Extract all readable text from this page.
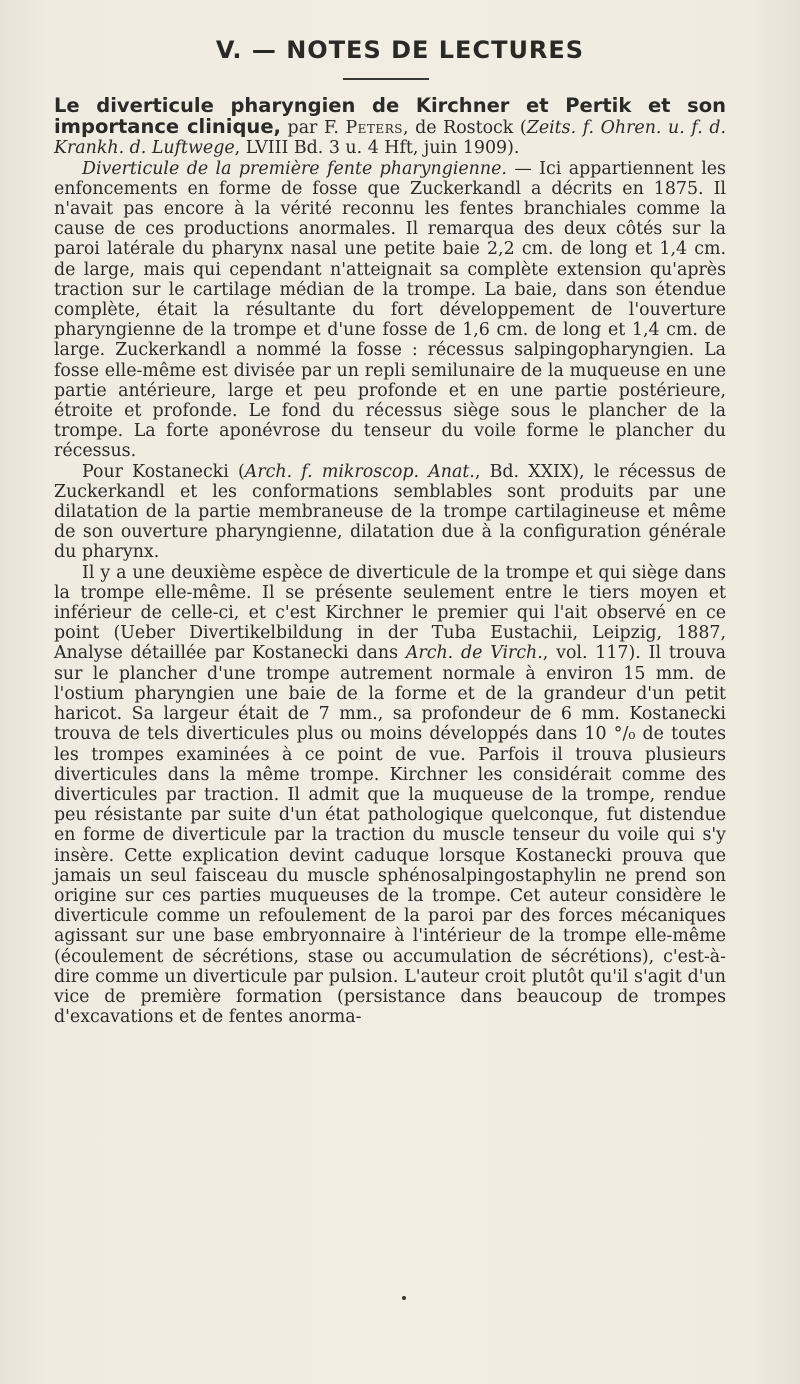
V. — NOTES DE LECTURES

Le diverticule pharyngien de Kirchner et Pertik et son importance clinique, par F. Peters, de Rostock (Zeits. f. Ohren. u. f. d. Krankh. d. Luftwege, LVIII Bd. 3 u. 4 Hft, juin 1909).

Diverticule de la première fente pharyngienne. — Ici appartiennent les enfoncements en forme de fosse que Zuckerkandl a décrits en 1875. Il n'avait pas encore à la vérité reconnu les fentes branchiales comme la cause de ces productions anormales. Il remarqua des deux côtés sur la paroi latérale du pharynx nasal une petite baie 2,2 cm. de long et 1,4 cm. de large, mais qui cependant n'atteignait sa complète extension qu'après traction sur le cartilage médian de la trompe. La baie, dans son étendue complète, était la résultante du fort développement de l'ouverture pharyngienne de la trompe et d'une fosse de 1,6 cm. de long et 1,4 cm. de large. Zuckerkandl a nommé la fosse : récessus salpingopharyngien. La fosse elle-même est divisée par un repli semilunaire de la muqueuse en une partie antérieure, large et peu profonde et en une partie postérieure, étroite et profonde. Le fond du récessus siège sous le plancher de la trompe. La forte aponévrose du tenseur du voile forme le plancher du récessus.

Pour Kostanecki (Arch. f. mikroscop. Anat., Bd. XXIX), le récessus de Zuckerkandl et les conformations semblables sont produits par une dilatation de la partie membraneuse de la trompe cartilagineuse et même de son ouverture pharyngienne, dilatation due à la configuration générale du pharynx.

Il y a une deuxième espèce de diverticule de la trompe et qui siège dans la trompe elle-même. Il se présente seulement entre le tiers moyen et inférieur de celle-ci, et c'est Kirchner le premier qui l'ait observé en ce point (Ueber Divertikelbildung in der Tuba Eustachii, Leipzig, 1887, Analyse détaillée par Kostanecki dans Arch. de Virch., vol. 117). Il trouva sur le plancher d'une trompe autrement normale à environ 15 mm. de l'ostium pharyngien une baie de la forme et de la grandeur d'un petit haricot. Sa largeur était de 7 mm., sa profondeur de 6 mm. Kostanecki trouva de tels diverticules plus ou moins développés dans 10 °/₀ de toutes les trompes examinées à ce point de vue. Parfois il trouva plusieurs diverticules dans la même trompe. Kirchner les considérait comme des diverticules par traction. Il admit que la muqueuse de la trompe, rendue peu résistante par suite d'un état pathologique quelconque, fut distendue en forme de diverticule par la traction du muscle tenseur du voile qui s'y insère. Cette explication devint caduque lorsque Kostanecki prouva que jamais un seul faisceau du muscle sphénosalpingostaphylin ne prend son origine sur ces parties muqueuses de la trompe. Cet auteur considère le diverticule comme un refoulement de la paroi par des forces mécaniques agissant sur une base embryonnaire à l'intérieur de la trompe elle-même (écoulement de sécrétions, stase ou accumulation de sécrétions), c'est-à-dire comme un diverticule par pulsion. L'auteur croit plutôt qu'il s'agit d'un vice de première formation (persistance dans beaucoup de trompes d'excavations et de fentes anorma-
